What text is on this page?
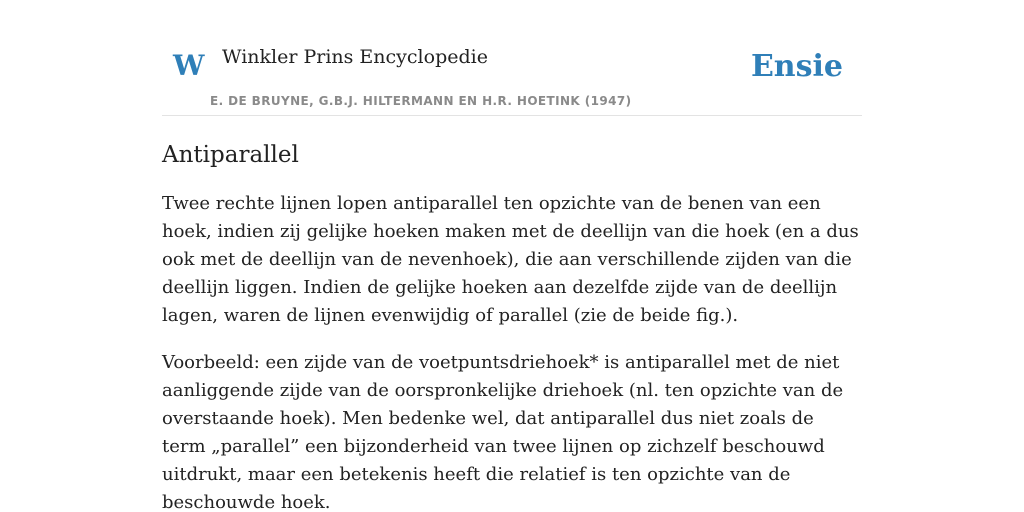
W Winkler Prins Encyclopedie	Ensie
E. DE BRUYNE, G.B.J. HILTERMANN EN H.R. HOETINK (1947)
Antiparallel

Twee rechte lijnen lopen antiparallel ten opzichte van de benen van een hoek, indien zij gelijke hoeken maken met de deellijn van die hoek (en a dus ook met de deellijn van de nevenhoek), die aan verschillende zijden van die deellijn liggen. Indien de gelijke hoeken aan dezelfde zijde van de deellijn lagen, waren de lijnen evenwijdig of parallel (zie de beide fig.).

Voorbeeld: een zijde van de voetpuntsdriehoek* is antiparallel met de niet aanliggende zijde van de oorspronkelijke driehoek (nl. ten opzichte van de overstaande hoek). Men bedenke wel, dat antiparallel dus niet zoals de term „parallel” een bijzonderheid van twee lijnen op zichzelf beschouwd uitdrukt, maar een betekenis heeft die relatief is ten opzichte van de beschouwde hoek.
